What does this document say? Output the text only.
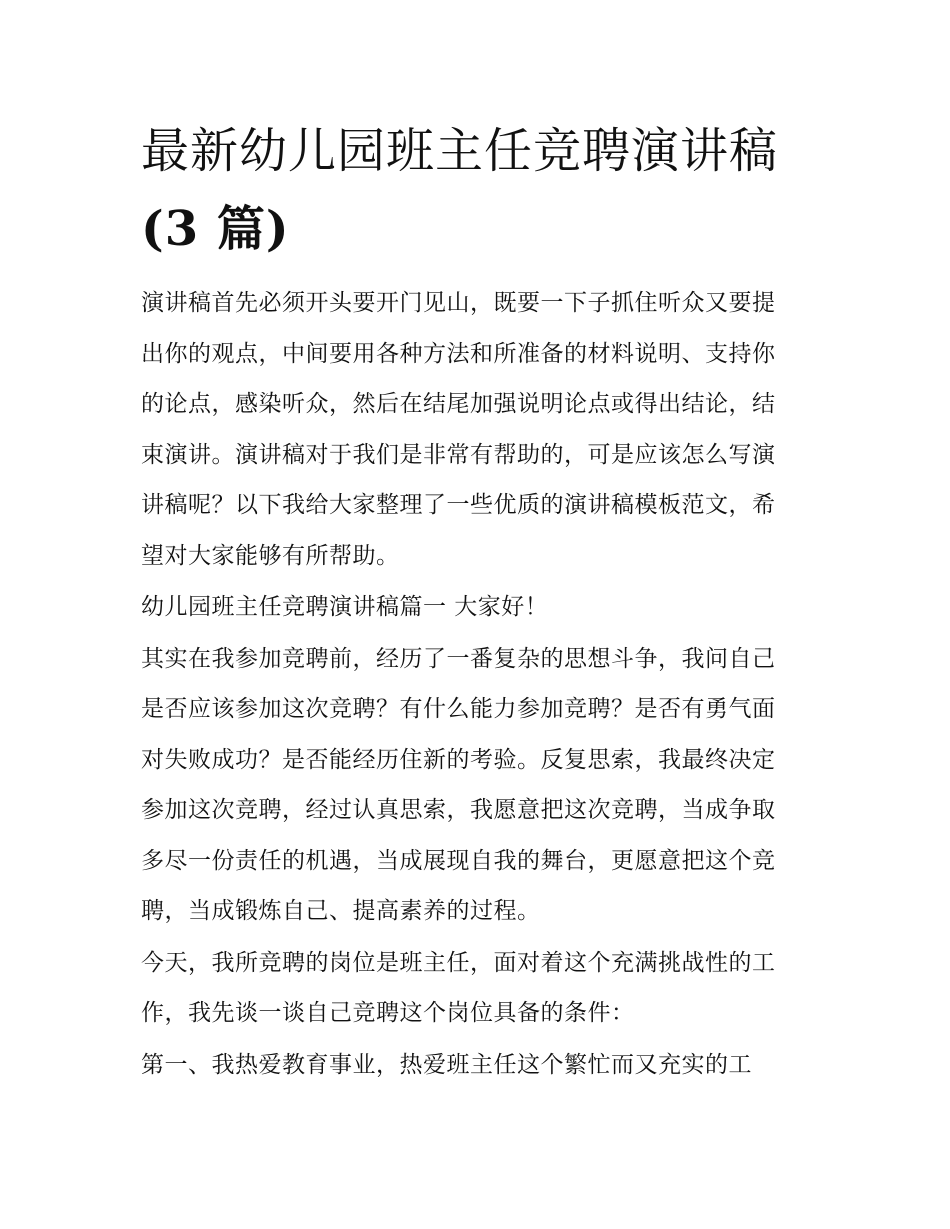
最新幼儿园班主任竞聘演讲稿
(3 篇)

演讲稿首先必须开头要开门见山，既要一下子抓住听众又要提
出你的观点，中间要用各种方法和所准备的材料说明、支持你
的论点，感染听众，然后在结尾加强说明论点或得出结论，结
束演讲。演讲稿对于我们是非常有帮助的，可是应该怎么写演
讲稿呢？以下我给大家整理了一些优质的演讲稿模板范文，希
望对大家能够有所帮助。

幼儿园班主任竞聘演讲稿篇一 大家好！

其实在我参加竞聘前，经历了一番复杂的思想斗争，我问自己
是否应该参加这次竞聘？有什么能力参加竞聘？是否有勇气面
对失败成功？是否能经历住新的考验。反复思索，我最终决定
参加这次竞聘，经过认真思索，我愿意把这次竞聘，当成争取
多尽一份责任的机遇，当成展现自我的舞台，更愿意把这个竞
聘，当成锻炼自己、提高素养的过程。

今天，我所竞聘的岗位是班主任，面对着这个充满挑战性的工
作，我先谈一谈自己竞聘这个岗位具备的条件：

第一、我热爱教育事业，热爱班主任这个繁忙而又充实的工
